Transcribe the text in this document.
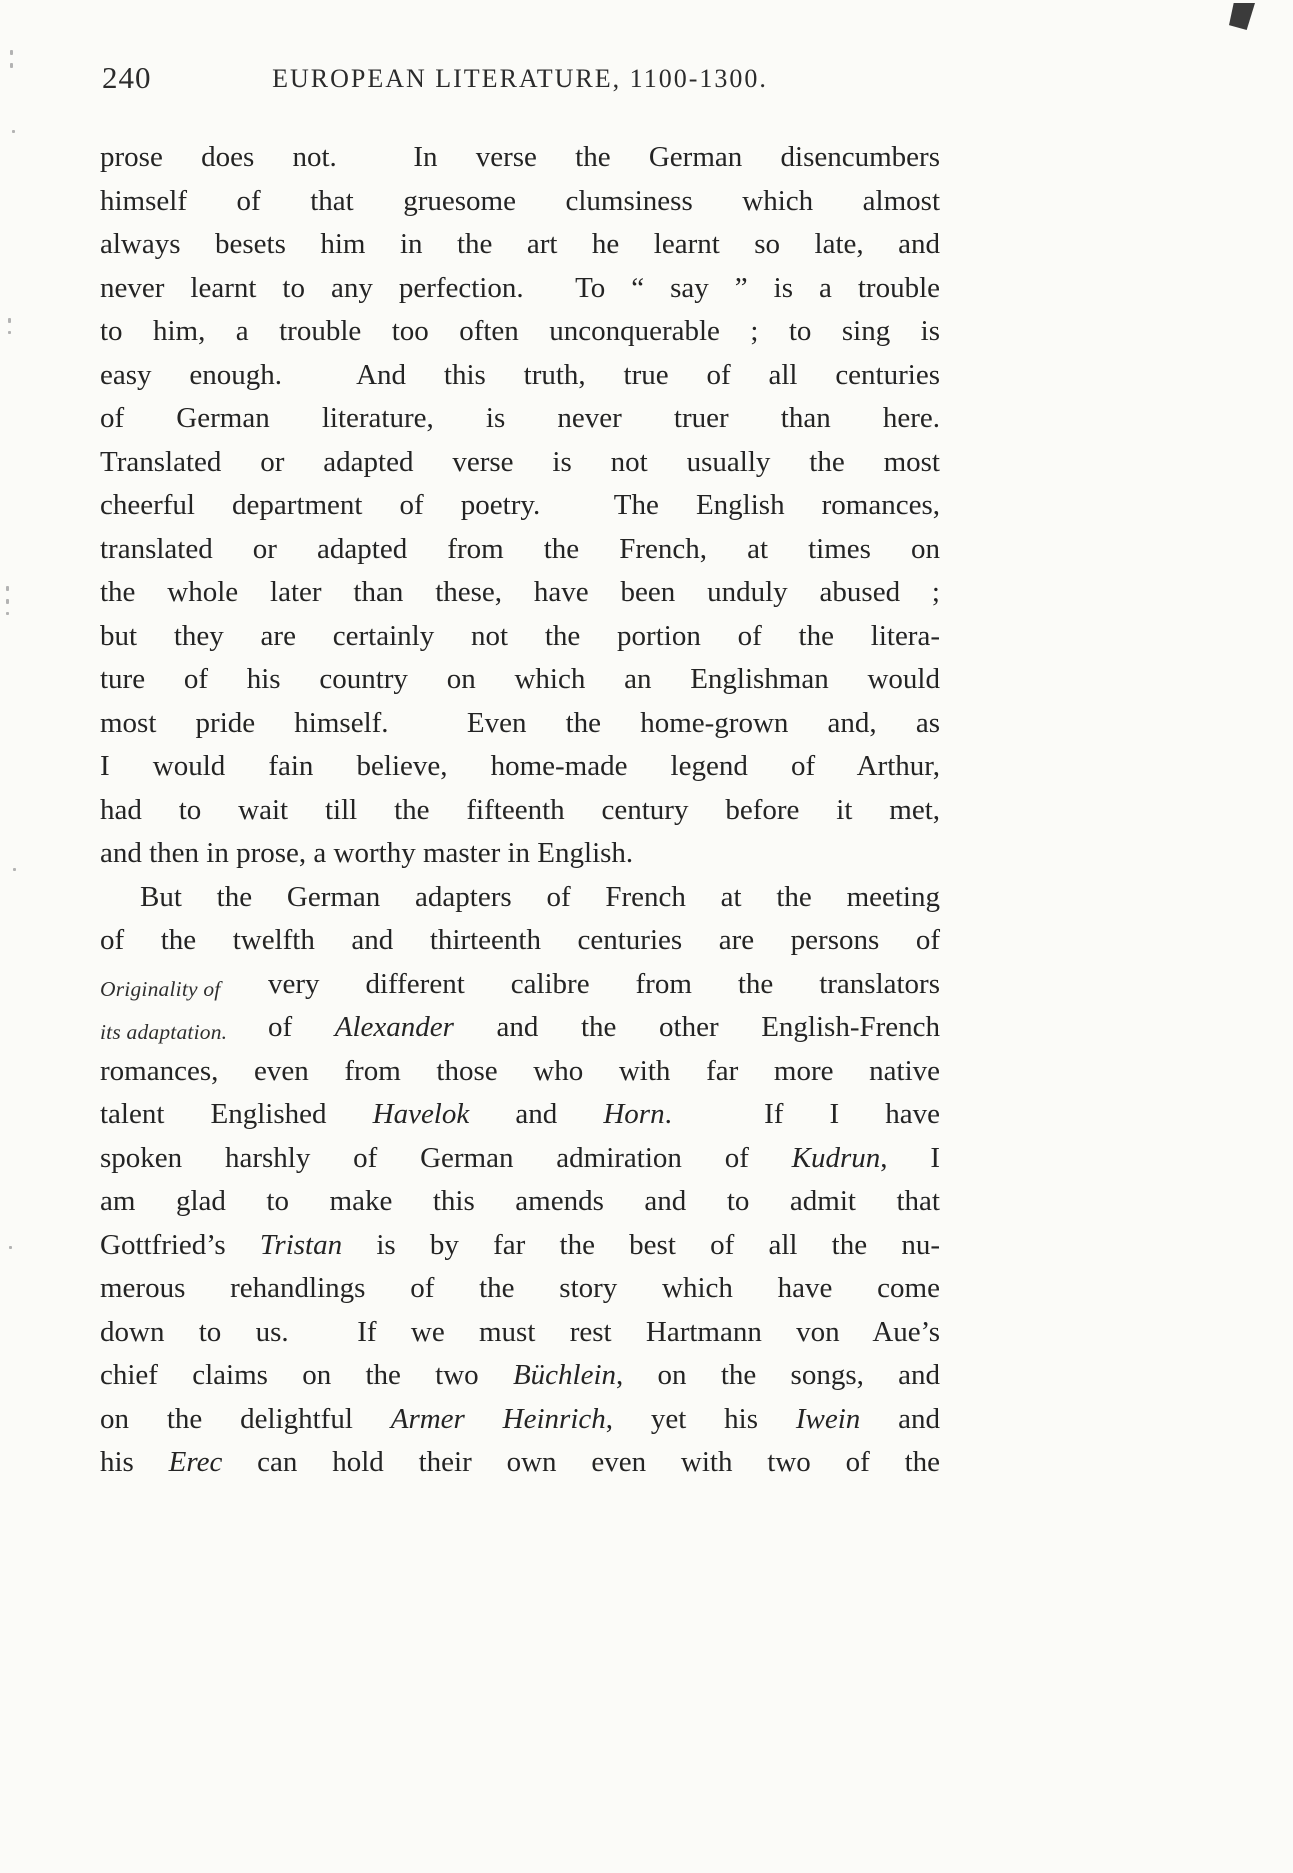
240	EUROPEAN LITERATURE, 1100-1300.
prose does not.  In verse the German disencumbers
himself of that gruesome clumsiness which almost
always besets him in the art he learnt so late, and
never learnt to any perfection.  To “ say ” is a trouble
to him, a trouble too often unconquerable ; to sing is
easy enough.  And this truth, true of all centuries
of German literature, is never truer than here.
Translated or adapted verse is not usually the most
cheerful department of poetry.  The English romances,
translated or adapted from the French, at times on
the whole later than these, have been unduly abused ;
but they are certainly not the portion of the litera-
ture of his country on which an Englishman would
most pride himself.  Even the home-grown and, as
I would fain believe, home-made legend of Arthur,
had to wait till the fifteenth century before it met,
and then in prose, a worthy master in English.
But the German adapters of French at the meeting
of the twelfth and thirteenth centuries are persons of
Originality of	very different calibre from the translators
its adaptation.	of Alexander and the other English-French
romances, even from those who with far more native
talent Englished Havelok and Horn.  If I have
spoken harshly of German admiration of Kudrun, I
am glad to make this amends and to admit that
Gottfried’s Tristan is by far the best of all the nu-
merous rehandlings of the story which have come
down to us.  If we must rest Hartmann von Aue’s
chief claims on the two Büchlein, on the songs, and
on the delightful Armer Heinrich, yet his Iwein and
his Erec can hold their own even with two of the
